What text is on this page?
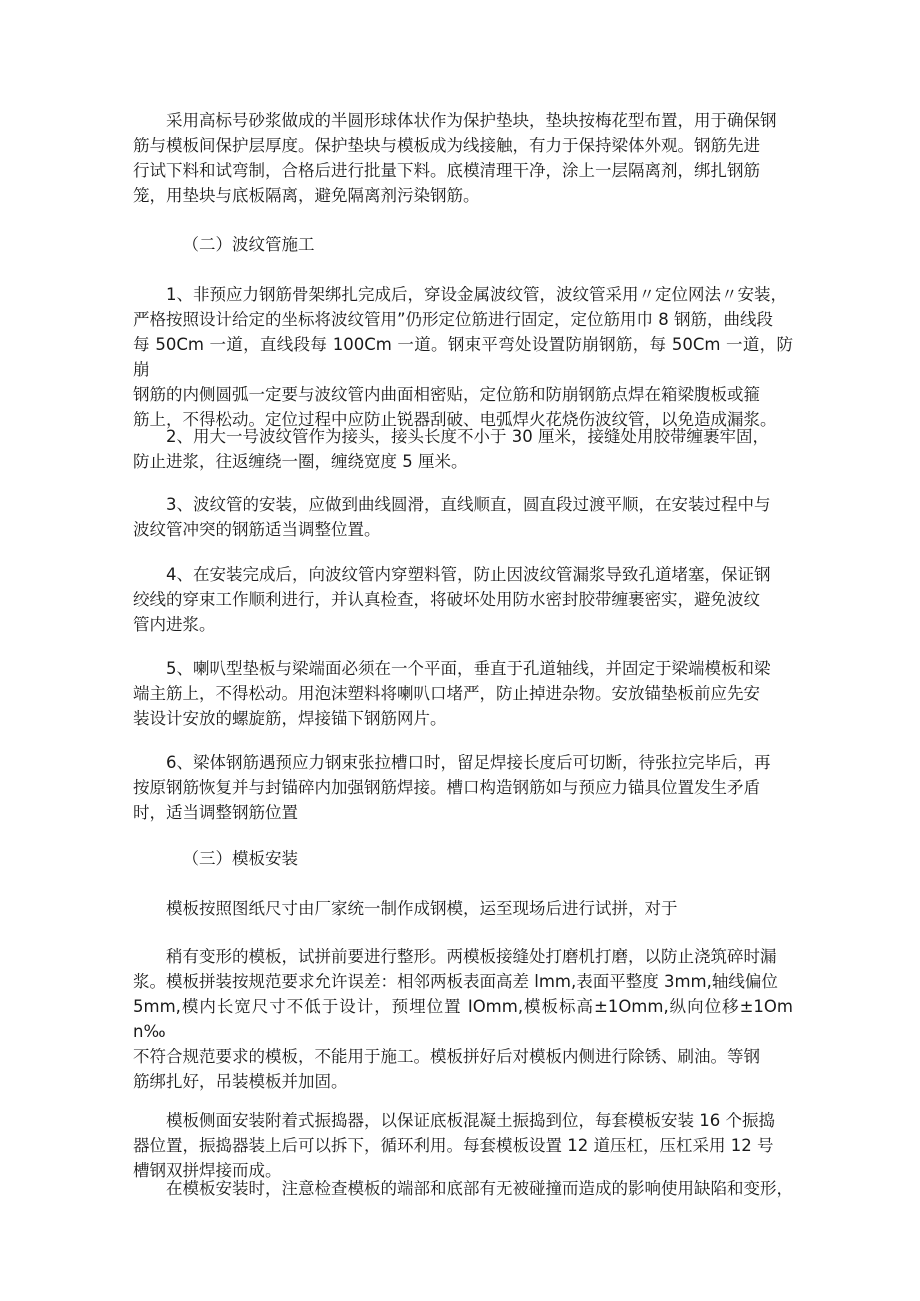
采用高标号砂浆做成的半圆形球体状作为保护垫块，垫块按梅花型布置，用于确保钢
筋与模板间保护层厚度。保护垫块与模板成为线接触，有力于保持梁体外观。钢筋先进
行试下料和试弯制，合格后进行批量下料。底模清理干净，涂上一层隔离剂，绑扎钢筋
笼，用垫块与底板隔离，避免隔离剂污染钢筋。

（二）波纹管施工

1、非预应力钢筋骨架绑扎完成后，穿设金属波纹管，波纹管采用〃定位网法〃安装，
严格按照设计给定的坐标将波纹管用”仍形定位筋进行固定，定位筋用巾 8 钢筋，曲线段
每 50Cm 一道，直线段每 100Cm 一道。钢束平弯处设置防崩钢筋，每 50Cm 一道，防崩
钢筋的内侧圆弧一定要与波纹管内曲面相密贴，定位筋和防崩钢筋点焊在箱梁腹板或箍
筋上，不得松动。定位过程中应防止锐器刮破、电弧焊火花烧伤波纹管，以免造成漏浆。

2、用大一号波纹管作为接头，接头长度不小于 30 厘米，接缝处用胶带缠裹牢固，
防止进浆，往返缠绕一圈，缠绕宽度 5 厘米。

3、波纹管的安装，应做到曲线圆滑，直线顺直，圆直段过渡平顺，在安装过程中与
波纹管冲突的钢筋适当调整位置。

4、在安装完成后，向波纹管内穿塑料管，防止因波纹管漏浆导致孔道堵塞，保证钢
绞线的穿束工作顺利进行，并认真检查，将破坏处用防水密封胶带缠裹密实，避免波纹
管内进浆。

5、喇叭型垫板与梁端面必须在一个平面，垂直于孔道轴线，并固定于梁端模板和梁
端主筋上，不得松动。用泡沫塑料将喇叭口堵严，防止掉进杂物。安放锚垫板前应先安
装设计安放的螺旋筋，焊接锚下钢筋网片。

6、梁体钢筋遇预应力钢束张拉槽口时，留足焊接长度后可切断，待张拉完毕后，再
按原钢筋恢复并与封锚碎内加强钢筋焊接。槽口构造钢筋如与预应力锚具位置发生矛盾
时，适当调整钢筋位置

（三）模板安装

模板按照图纸尺寸由厂家统一制作成钢模，运至现场后进行试拼，对于

稍有变形的模板，试拼前要进行整形。两模板接缝处打磨机打磨，以防止浇筑碎时漏
浆。模板拼装按规范要求允许误差：相邻两板表面高差 lmm,表面平整度 3mm,轴线偏位
5mm,模内长宽尺寸不低于设计，预埋位置 IOmm,模板标高±1Omm,纵向位移±1Omn‰
不符合规范要求的模板，不能用于施工。模板拼好后对模板内侧进行除锈、刷油。等钢
筋绑扎好，吊装模板并加固。

模板侧面安装附着式振捣器，以保证底板混凝土振捣到位，每套模板安装 16 个振捣
器位置，振捣器装上后可以拆下，循环利用。每套模板设置 12 道压杠，压杠采用 12 号
槽钢双拼焊接而成。

在模板安装时，注意检查模板的端部和底部有无被碰撞而造成的影响使用缺陷和变形，
